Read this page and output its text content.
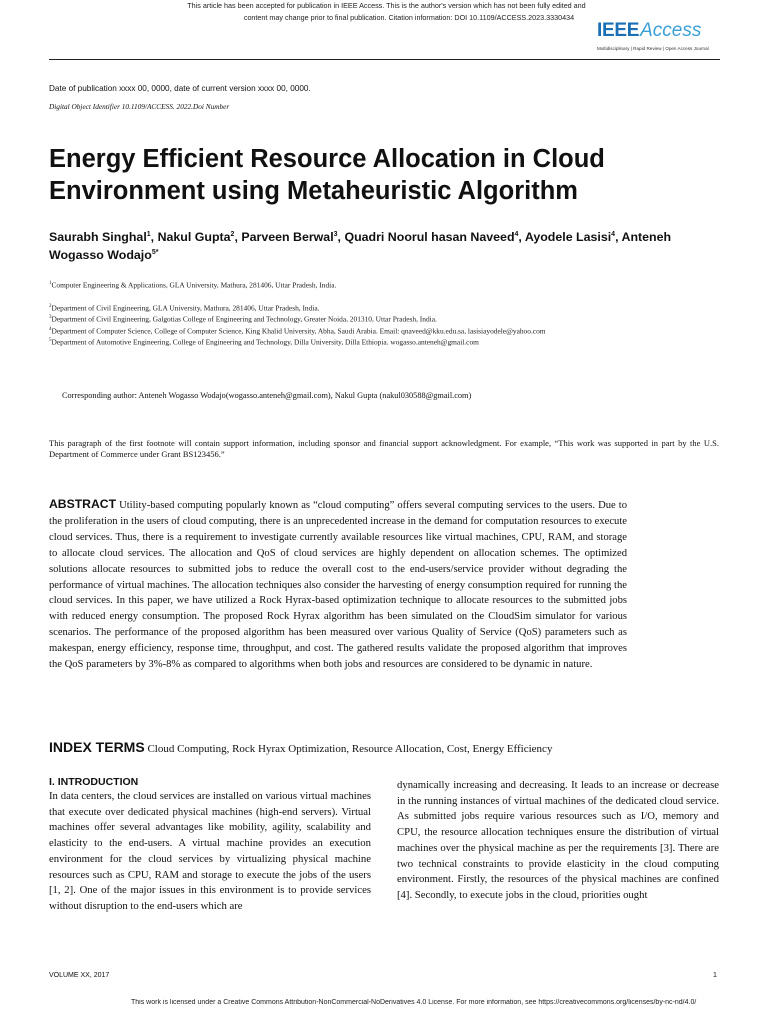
This article has been accepted for publication in IEEE Access. This is the author's version which has not been fully edited and
content may change prior to final publication. Citation information: DOI 10.1109/ACCESS.2023.3330434
IEEEAccess
Multidisciplinary | Rapid Review | Open Access Journal
Date of publication xxxx 00, 0000, date of current version xxxx 00, 0000.
Digital Object Identifier 10.1109/ACCESS. 2022.Doi Number
Energy Efficient Resource Allocation in Cloud Environment using Metaheuristic Algorithm
Saurabh Singhal$^1$, Nakul Gupta$^2$, Parveen Berwal$^3$, Quadri Noorul hasan Naveed$^4$, Ayodele Lasisi$^4$, Anteneh Wogasso Wodajo$^{5*}$
$^1$Computer Engineering & Applications, GLA University, Mathura, 281406, Uttar Pradesh, India.
$^2$Department of Civil Engineering, GLA University, Mathura, 281406, Uttar Pradesh, India.
$^3$Department of Civil Engineering, Galgotias College of Engineering and Technology, Greater Noida, 201310, Uttar Pradesh, India.
$^4$Department of Computer Science, College of Computer Science, King Khalid University, Abha, Saudi Arabia. Email: qnaveed@kku.edu.sa, lasisiayodele@yahoo.com
$^5$Department of Automotive Engineering, College of Engineering and Technology, Dilla University, Dilla Ethiopia. wogasso.anteneh@gmail.com
Corresponding author: Anteneh Wogasso Wodajo(wogasso.anteneh@gmail.com), Nakul Gupta (nakul030588@gmail.com)

This paragraph of the first footnote will contain support information, including sponsor and financial support acknowledgment. For example, “This work was supported in part by the U.S. Department of Commerce under Grant BS123456.”

ABSTRACT Utility-based computing popularly known as “cloud computing” offers several computing services to the users. Due to the proliferation in the users of cloud computing, there is an unprecedented increase in the demand for computation resources to execute cloud services. Thus, there is a requirement to investigate currently available resources like virtual machines, CPU, RAM, and storage to allocate cloud services. The allocation and QoS of cloud services are highly dependent on allocation schemes. The optimized solutions allocate resources to submitted jobs to reduce the overall cost to the end-users/service provider without degrading the performance of virtual machines. The allocation techniques also consider the harvesting of energy consumption required for running the cloud services. In this paper, we have utilized a Rock Hyrax-based optimization technique to allocate resources to the submitted jobs with reduced energy consumption. The proposed Rock Hyrax algorithm has been simulated on the CloudSim simulator for various scenarios. The performance of the proposed algorithm has been measured over various Quality of Service (QoS) parameters such as makespan, energy efficiency, response time, throughput, and cost. The gathered results validate the proposed algorithm that improves the QoS parameters by 3%-8% as compared to algorithms when both jobs and resources are considered to be dynamic in nature.

INDEX TERMS Cloud Computing, Rock Hyrax Optimization, Resource Allocation, Cost, Energy Efficiency

I. INTRODUCTION

In data centers, the cloud services are installed on various virtual machines that execute over dedicated physical machines (high-end servers). Virtual machines offer several advantages like mobility, agility, scalability and elasticity to the end-users. A virtual machine provides an execution environment for the cloud services by virtualizing physical machine resources such as CPU, RAM and storage to execute the jobs of the users [1, 2]. One of the major issues in this environment is to provide services without disruption to the end-users which are

dynamically increasing and decreasing. It leads to an increase or decrease in the running instances of virtual machines of the dedicated cloud service. As submitted jobs require various resources such as I/O, memory and CPU, the resource allocation techniques ensure the distribution of virtual machines over the physical machine as per the requirements [3]. There are two technical constraints to provide elasticity in the cloud computing environment. Firstly, the resources of the physical machines are confined [4]. Secondly, to execute jobs in the cloud, priorities ought

VOLUME XX, 2017	1
This work is licensed under a Creative Commons Attribution-NonCommercial-NoDerivatives 4.0 License. For more information, see https://creativecommons.org/licenses/by-nc-nd/4.0/
